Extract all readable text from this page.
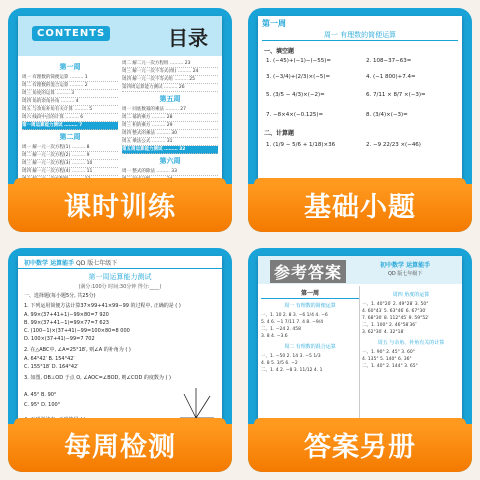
CONTENTS	目录
第一周
周一 有理数的简便运算 ……… 1
周二 有理数的混合运算 ……… 2
周三 角度的运算 ……… 3
周四 角的余角补角 ……… 4
周五 与余角补角有关计算 ……… 5
周六 线段中点的计算 ……… 6
第一周运算能力测试 ……… 7
第二周
周一 解一元一次方程(1) ……… 8
周二 解一元一次方程(2) ……… 9
周三 解一元一次方程(3) ……… 10
周四 解一元一次方程(4) ……… 11
周二 解二元一次方程组 ……… 23
周三 解一元一次不等式(组) ……… 24
周四 解一元一次不等式组 ……… 25
第四周运算能力测试 ……… 26
第五周
周一 同底数幂的乘法 ……… 27
周二 幂的乘方 ……… 28
周三 积的乘方 ……… 29
周四 整式的乘法 ……… 30
周五 乘法公式 ……… 31
第五周运算能力测试 ……… 32
第六周
周一 整式的除法 ……… 33
课时训练
第一周
周一 有理数的简便运算
一、填空题
1. (−45)+(−1)−(−55)=	2. 108−37−63=
3. (−3/4)+(2/3)×(−5)=	4. (−1 800)+7.4=
5. (3/5 − 4/3)×(−2)=	6. 7/11 × 8/7 ×(−3)=
7. −8×4×(−0.125)=	8. (3/4)×(−3)=
二、计算题
1. (1/9 − 5/6 + 1/18)×36	2. −9 22/23 ×(−46)
基础小题
初中数学 运算能手 QD 版七年级下
第一周运算能力测试
(满分:100分 时间:30分钟 得分:____)
一、选择题(每小题5分, 共25分)
1. 下列运用简便方法计算37×99+41×99−99 的过程中, 正确的是 ( )
A. 99×(37+41+1)−99×80=7 920
B. 99×(37+41−1)=99×77=7 623
C. (100−1)×(37+41)−99=100×80=8 000
D. 100×(37+41)−99=7 702
2. 在△ABC中, ∠A=25°18′, 则∠A 的补角为 ( )
A. 64°42′ B. 154°42′
C. 155°18′ D. 164°42′
3. 如图, OB⊥OD 于点 O, ∠AOC=∠BOD, 则∠COD 的度数为 ( )
A. 45° B. 90°
C. 95° D. 100°
每周检测
参考答案	初中数学 运算能手
QD 版七年级下
第一周
周一 有理数的简便运算
一、1. 10 2. 8 3. −6 1/4 4. −6
5. 4 6. −1 7/11 7. 4 8. −9/4
二、1. −24 2. 458
3. 8 4. −3.6
周二 有理数的混合运算
一、1. −50 2. 14 3. −5 1/3
4. 8 5. 3/5 6. −2
二、1. 4 2. −8 3. 11/12 4. 1
周四 角度的运算
一、1. 40°20′ 2. 49°28′ 3. 50°
4. 60°43′ 5. 63°46′ 6. 67°30′
7. 68°30′ 8. 112°45′ 9. 59°52′
二、1. 100° 2. 46°58′36″
3. 62°30′ 4. 32°18′
周五 与余角、补角有关的计算
一、1. 90° 2. 45° 3. 60°
4. 135° 5. 140° 6. 36°
二、1. 40° 2. 144° 3. 65°
答案另册
